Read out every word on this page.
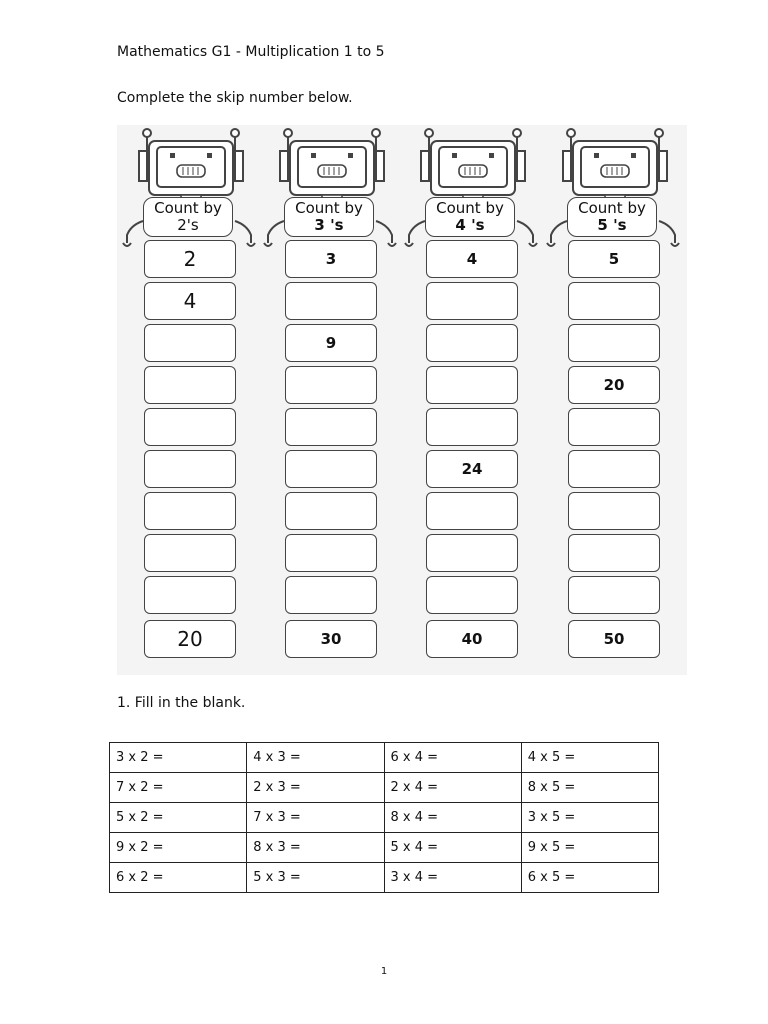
Mathematics G1 - Multiplication 1 to 5
Complete the skip number below.
Count by
2's
2
4
20
Count by
3 's
3
9
30
Count by
4 's
4
24
40
Count by
5 's
5
20
50
1. Fill in the blank.
3 x 2 =	4 x 3 =	6 x 4 =	4 x 5 =
7 x 2 =	2 x 3 =	2 x 4 =	8 x 5 =
5 x 2 =	7 x 3 =	8 x 4 =	3 x 5 =
9 x 2 =	8 x 3 =	5 x 4 =	9 x 5 =
6 x 2 =	5 x 3 =	3 x 4 =	6 x 5 =
1
